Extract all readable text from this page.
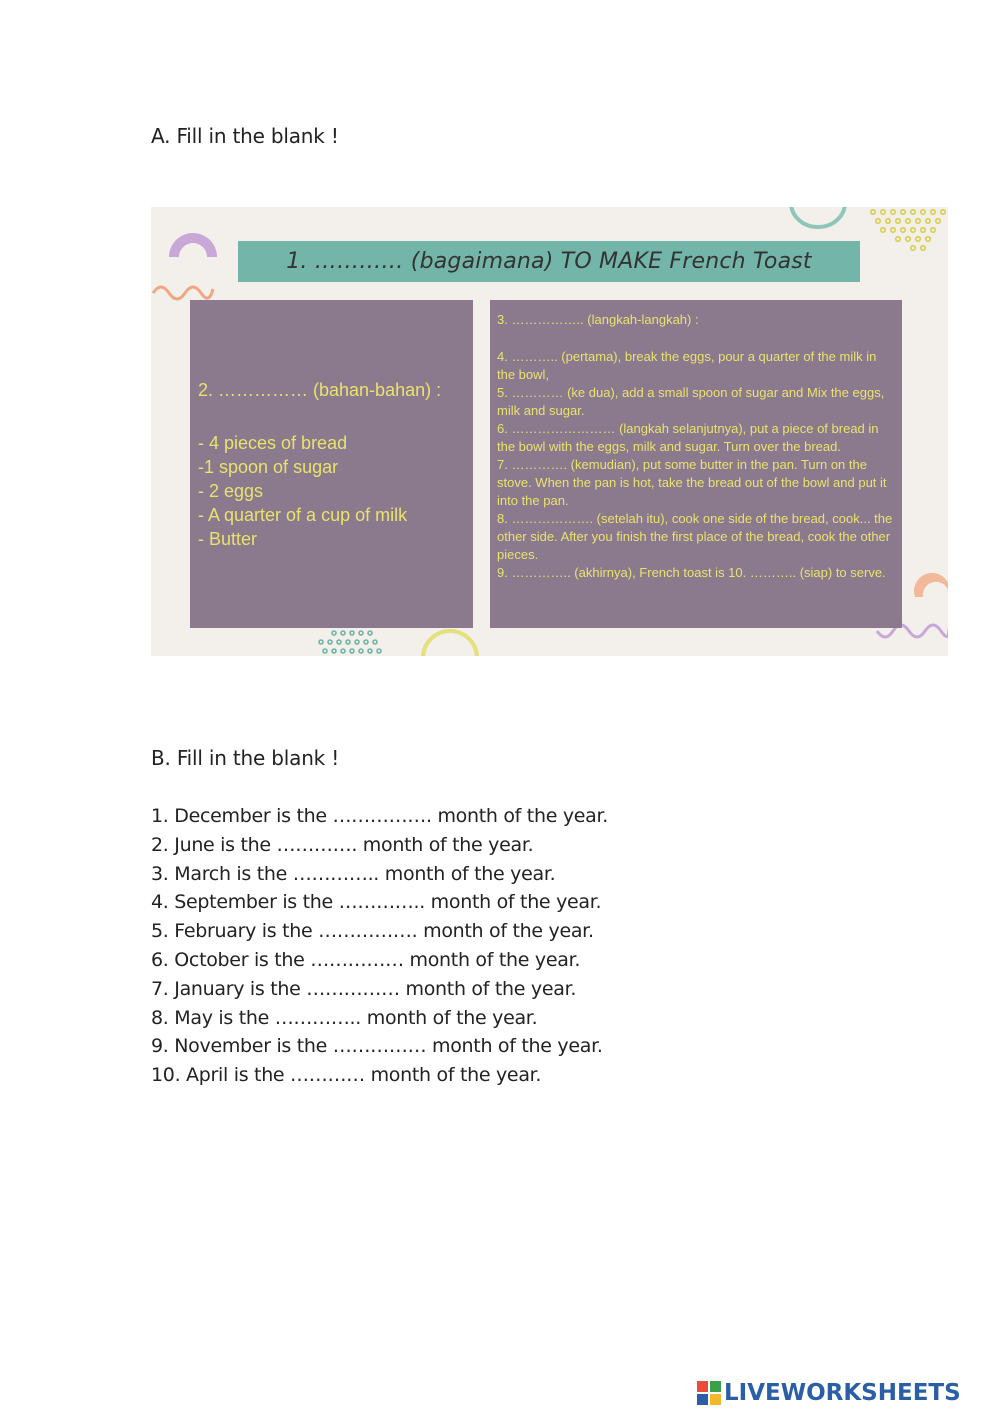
A. Fill in the blank !
1. ………… (bagaimana) TO MAKE French Toast
2. …………… (bahan-bahan) :
- 4 pieces of bread
-1 spoon of sugar
- 2 eggs
- A quarter of a cup of milk
- Butter
3. …………….. (langkah-langkah) :

4. ……….. (pertama), break the eggs, pour a quarter of the milk in the bowl,

5. ………… (ke dua), add a small spoon of sugar and Mix the eggs, milk and sugar.

6. …………………… (langkah selanjutnya), put a piece of bread in the bowl with the eggs, milk and sugar. Turn over the bread.

7. …………. (kemudian), put some butter in the pan. Turn on the stove. When the pan is hot, take the bread out of the bowl and put it into the pan.

8. ………………. (setelah itu), cook one side of the bread, cook... the other side. After you finish the first place of the bread, cook the other pieces.

9. ………….. (akhirnya), French toast is 10. ……….. (siap) to serve.

B. Fill in the blank !
1. December is the ……………. month of the year.
2. June is the …………. month of the year.
3. March is the ………….. month of the year.
4. September is the ………….. month of the year.
5. February is the ……………. month of the year.
6. October is the …………… month of the year.
7. January is the …………… month of the year.
8. May is the ………….. month of the year.
9. November is the …………… month of the year.
10. April is the ………… month of the year.
LIVEWORKSHEETS
